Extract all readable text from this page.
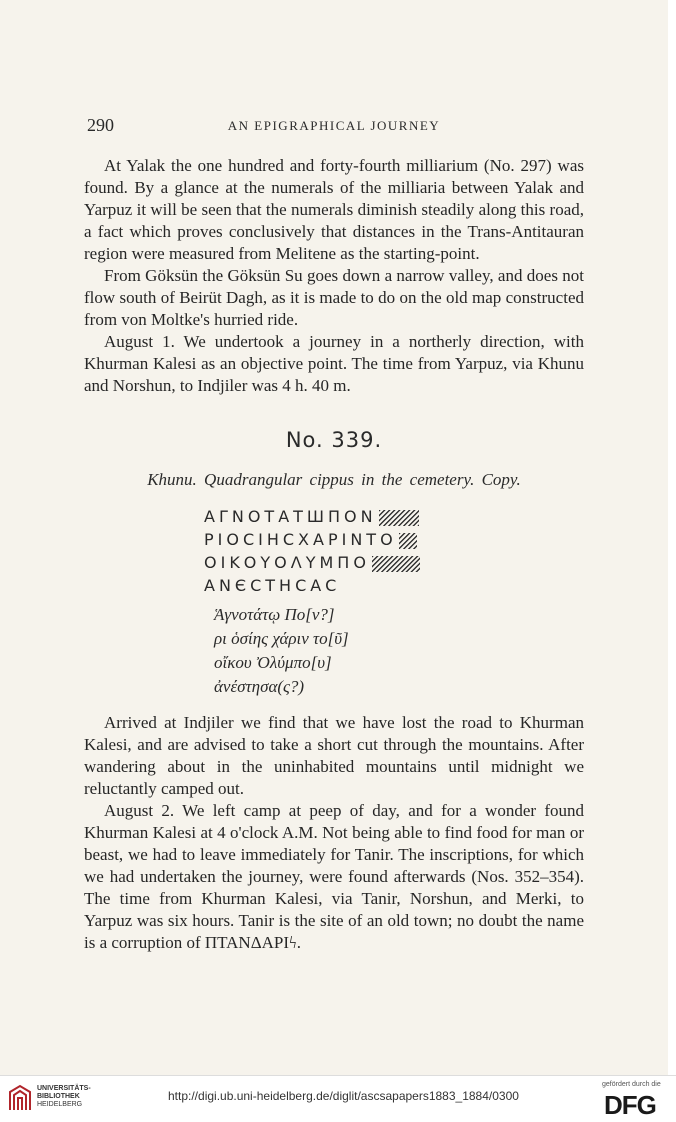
290	AN EPIGRAPHICAL JOURNEY

At Yalak the one hundred and forty-fourth milliarium (No. 297) was found. By a glance at the numerals of the milliaria between Yalak and Yarpuz it will be seen that the numerals diminish steadily along this road, a fact which proves conclusively that distances in the Trans-Antitauran region were measured from Melitene as the starting-point.

From Göksün the Göksün Su goes down a narrow valley, and does not flow south of Beirüt Dagh, as it is made to do on the old map constructed from von Moltke's hurried ride.

August 1. We undertook a journey in a northerly direction, with Khurman Kalesi as an objective point. The time from Yarpuz, via Khunu and Norshun, to Indjiler was 4 h. 40 m.

No. 339.
Khunu. Quadrangular cippus in the cemetery. Copy.
ΑΓΝΟΤΑΤШΠΟΝ
ΡΙΟϹΙΗϹΧΑΡΙΝΤΟ
ΟΙΚΟΥΟΛΥΜΠΟ
ΑΝЄϹΤΗϹΑϹ
Ἁγνοτάτῳ Πο[ν?]
ρι ὁσίης χάριν το[ῦ]
οἴκου Ὀλύμπο[υ]
ἀνέστησα(ς?)

Arrived at Indjiler we find that we have lost the road to Khurman Kalesi, and are advised to take a short cut through the mountains. After wandering about in the uninhabited mountains until midnight we reluctantly camped out.

August 2. We left camp at peep of day, and for a wonder found Khurman Kalesi at 4 o'clock A.M. Not being able to find food for man or beast, we had to leave immediately for Tanir. The inscriptions, for which we had undertaken the journey, were found afterwards (Nos. 352–354). The time from Khurman Kalesi, via Tanir, Norshun, and Merki, to Yarpuz was six hours. Tanir is the site of an old town; no doubt the name is a corruption of ΠΤΑΝΔΑΡΙϟ.

UNIVERSITÄTS-
BIBLIOTHEK
HEIDELBERG
http://digi.ub.uni-heidelberg.de/diglit/ascsapapers1883_1884/0300
gefördert durch die
DFG
